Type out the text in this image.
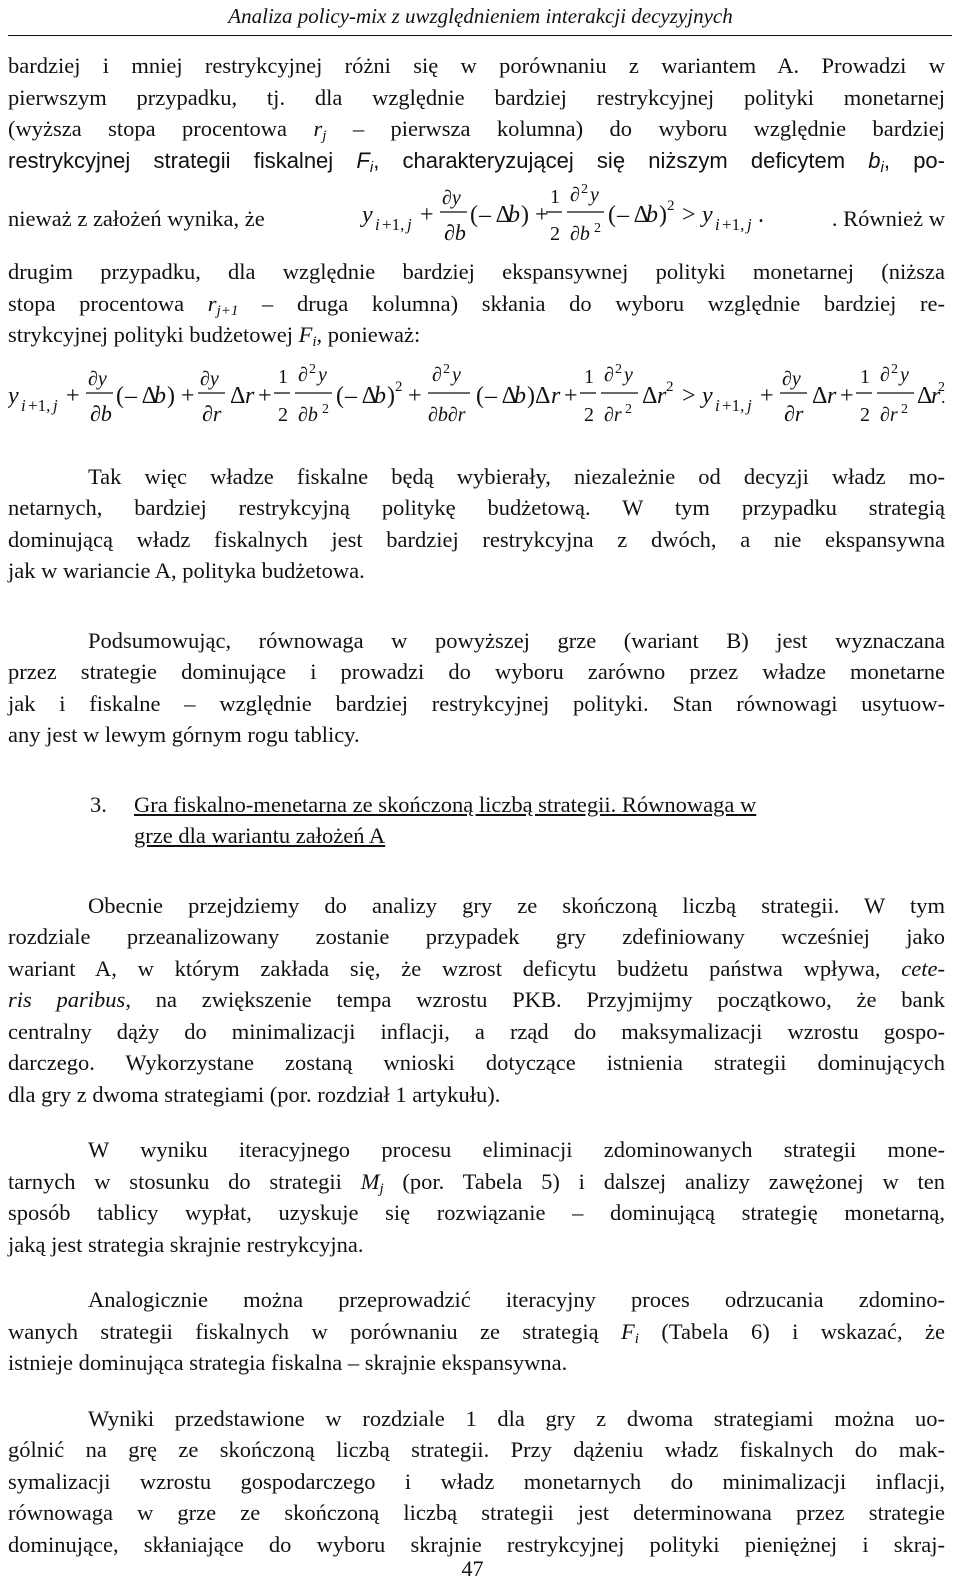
Analiza policy-mix z uwzględnieniem interakcji decyzyjnych

bardziej i mniej restrykcyjnej różni się w porównaniu z wariantem A. Prowadzi w
pierwszym przypadku, tj. dla względnie bardziej restrykcyjnej polityki monetarnej
(wyższa stopa procentowa $r_j$ – pierwsza kolumna) do wyboru względnie bardziej
restrykcyjnej strategii fiskalnej $F_i$, charakteryzującej się niższym deficytem $b_i$, po-

nieważ z założeń wynika, że	y i +1, j +
∂y
∂b
( – Δ
b ) +
1
2
∂ 2 y
∂b 2
( – Δ
b ) 2 > y i +1, j .	. Również w

drugim przypadku, dla względnie bardziej ekspansywnej polityki monetarnej (niższa
stopa procentowa $r_{j+1}$ – druga kolumna) skłania do wyboru względnie bardziej re-
strykcyjnej polityki budżetowej $F_i$, ponieważ:

y i +1, j +
∂y
∂b
( – Δ
b ) +
∂y
∂r
Δ r +
1
2
∂ 2 y
∂b 2
( – Δ
b ) 2 +
∂ 2 y
∂b∂r
( – Δ
b )Δ r +
1
2
∂ 2 y
∂r 2
Δ r 2 > y i +1, j +
∂y
∂r
Δ r +
1
2
∂ 2 y
∂r 2
Δ
r
2

Tak więc władze fiskalne będą wybierały, niezależnie od decyzji władz mo-
netarnych, bardziej restrykcyjną politykę budżetową. W tym przypadku strategią
dominującą władz fiskalnych jest bardziej restrykcyjna z dwóch, a nie ekspansywna
jak w wariancie A, polityka budżetowa.

Podsumowując, równowaga w powyższej grze (wariant B) jest wyznaczana
przez strategie dominujące i prowadzi do wyboru zarówno przez władze monetarne
jak i fiskalne – względnie bardziej restrykcyjnej polityki. Stan równowagi usytuow-
any jest w lewym górnym rogu tablicy.

3. Gra fiskalno-menetarna ze skończoną liczbą strategii. Równowaga w
grze dla wariantu założeń A

Obecnie przejdziemy do analizy gry ze skończoną liczbą strategii. W tym
rozdziale przeanalizowany zostanie przypadek gry zdefiniowany wcześniej jako
wariant A, w którym zakłada się, że wzrost deficytu budżetu państwa wpływa, cete-
ris paribus, na zwiększenie tempa wzrostu PKB. Przyjmijmy początkowo, że bank
centralny dąży do minimalizacji inflacji, a rząd do maksymalizacji wzrostu gospo-
darczego. Wykorzystane zostaną wnioski dotyczące istnienia strategii dominujących
dla gry z dwoma strategiami (por. rozdział 1 artykułu).

W wyniku iteracyjnego procesu eliminacji zdominowanych strategii mone-
tarnych w stosunku do strategii $M_j$ (por. Tabela 5) i dalszej analizy zawężonej w ten
sposób tablicy wypłat, uzyskuje się rozwiązanie – dominującą strategię monetarną,
jaką jest strategia skrajnie restrykcyjna.

Analogicznie można przeprowadzić iteracyjny proces odrzucania zdomino-
wanych strategii fiskalnych w porównaniu ze strategią $F_i$ (Tabela 6) i wskazać, że
istnieje dominująca strategia fiskalna – skrajnie ekspansywna.

Wyniki przedstawione w rozdziale 1 dla gry z dwoma strategiami można uo-
gólnić na grę ze skończoną liczbą strategii. Przy dążeniu władz fiskalnych do mak-
symalizacji wzrostu gospodarczego i władz monetarnych do minimalizacji inflacji,
równowaga w grze ze skończoną liczbą strategii jest determinowana przez strategie
dominujące, skłaniające do wyboru skrajnie restrykcyjnej polityki pieniężnej i skraj-

47
